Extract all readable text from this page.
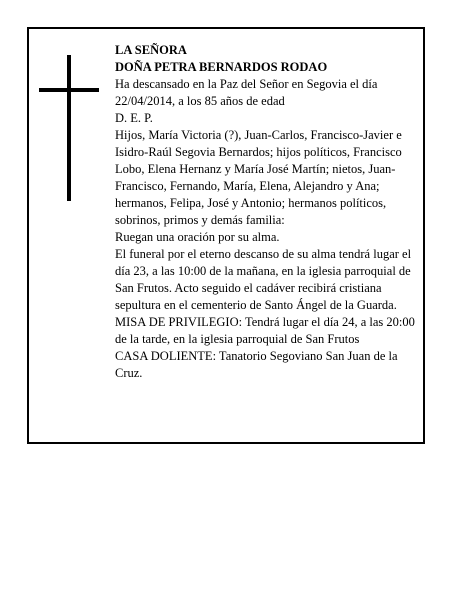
LA SEÑORA

DOÑA PETRA BERNARDOS RODAO

Ha descansado en la Paz del Señor en Segovia el día 22/04/2014, a los 85 años de edad

D. E. P.

Hijos, María Victoria (?), Juan-Carlos, Francisco-Javier e Isidro-Raúl Segovia Bernardos; hijos políticos, Francisco Lobo, Elena Hernanz y María José Martín; nietos, Juan-Francisco, Fernando, María, Elena, Alejandro y Ana; hermanos, Felipa, José y Antonio; hermanos políticos, sobrinos, primos y demás familia:

Ruegan una oración por su alma.

El funeral por el eterno descanso de su alma tendrá lugar el día 23, a las 10:00 de la mañana, en la iglesia parroquial de San Frutos. Acto seguido el cadáver recibirá cristiana sepultura en el cementerio de Santo Ángel de la Guarda.

MISA DE PRIVILEGIO: Tendrá lugar el día 24, a las 20:00 de la tarde, en la iglesia parroquial de San Frutos

CASA DOLIENTE: Tanatorio Segoviano San Juan de la Cruz.
